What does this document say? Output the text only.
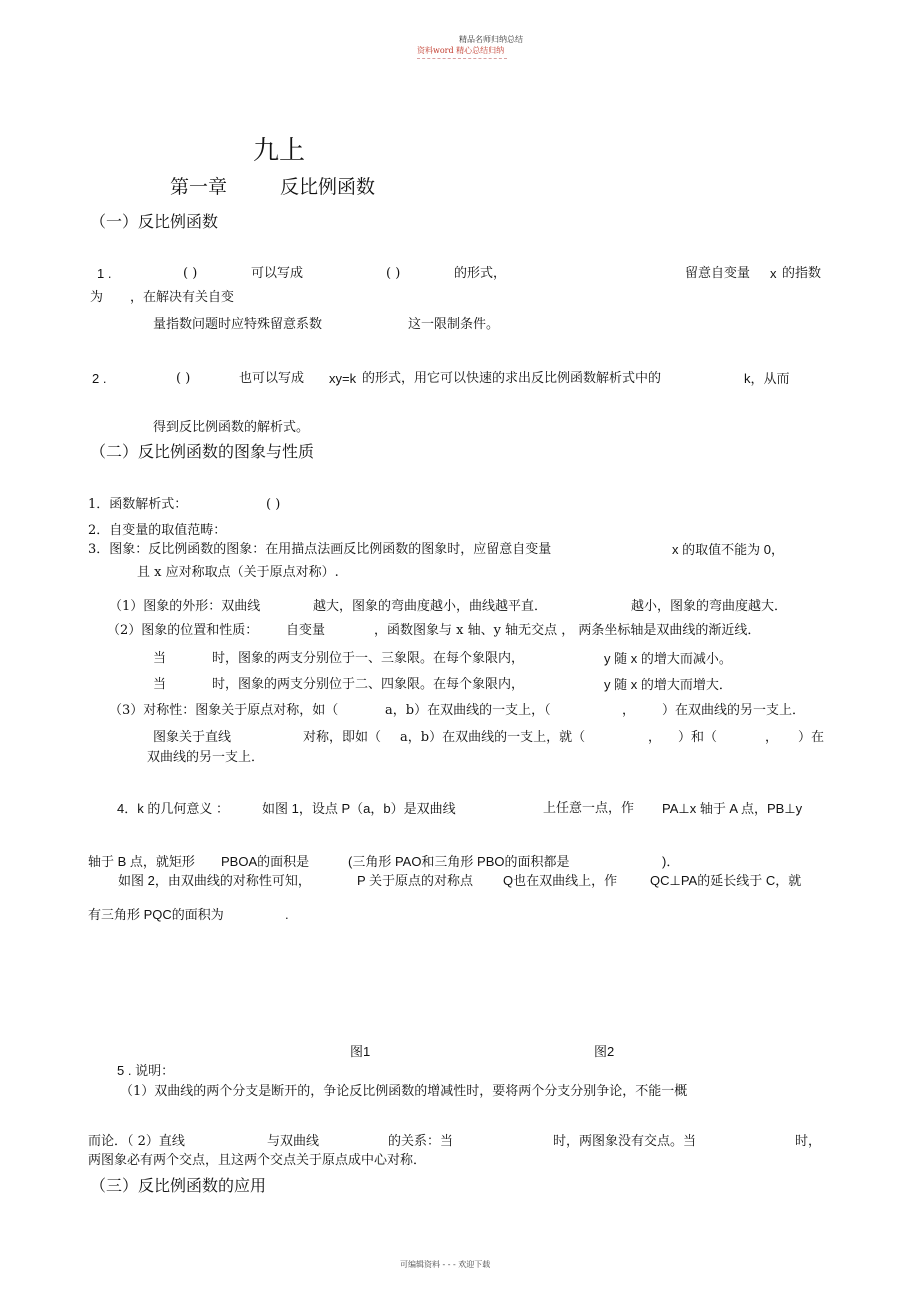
精品名师归纳总结
资料word 精心总结归纳
九上
第一章	反比例函数
（一）反比例函数
1 .	( )	可以写成	( )	的形式，	留意自变量 x 的指数
为 ，在解决有关自变
量指数问题时应特殊留意系数	这一限制条件。
2 .	( )	也可以写成 xy=k 的形式，用它可以快速的求出反比例函数解析式中的	k，从而
得到反比例函数的解析式。
（二）反比例函数的图象与性质
1．函数解析式：	( )
2．自变量的取值范畴：
3．图象：反比例函数的图象：在用描点法画反比例函数的图象时，应留意自变量	x 的取值不能为 0，
且 x 应对称取点（关于原点对称）.
（1）图象的外形：双曲线	越大，图象的弯曲度越小，曲线越平直．	越小，图象的弯曲度越大．
（2）图象的位置和性质： 自变量	，函数图象与 x 轴、y 轴无交点 ， 两条坐标轴是双曲线的渐近线．
当	时，图象的两支分别位于一、三象限。在每个象限内，	y 随 x 的增大而减小。
当	时，图象的两支分别位于二、四象限。在每个象限内，	y 随 x 的增大而增大．
（3）对称性：图象关于原点对称，如（	a，b）在双曲线的一支上，（	， ）在双曲线的另一支上．
图象关于直线	对称，即如（ a，b）在双曲线的一支上，就（	， ）和（	， ）在
双曲线的另一支上．
4．k 的几何意义 ：	如图 1，设点 P（a，b）是双曲线	上任意一点，作 PA⊥x 轴于 A 点，PB⊥y
轴于 B 点，就矩形 PBOA的面积是	(三角形 PAO和三角形 PBO的面积都是	)．
如图 2，由双曲线的对称性可知，	P 关于原点的对称点 Q也在双曲线上，作	QC⊥PA的延长线于 C，就
有三角形 PQC的面积为	.
图1	图2
5 . 说明：
（1）双曲线的两个分支是断开的，争论反比例函数的增减性时，要将两个分支分别争论，不能一概
而论．（ 2）直线	与双曲线	的关系：当	时，两图象没有交点。当	时，
两图象必有两个交点，且这两个交点关于原点成中心对称．
（三）反比例函数的应用
可编辑资料 - - - 欢迎下载
